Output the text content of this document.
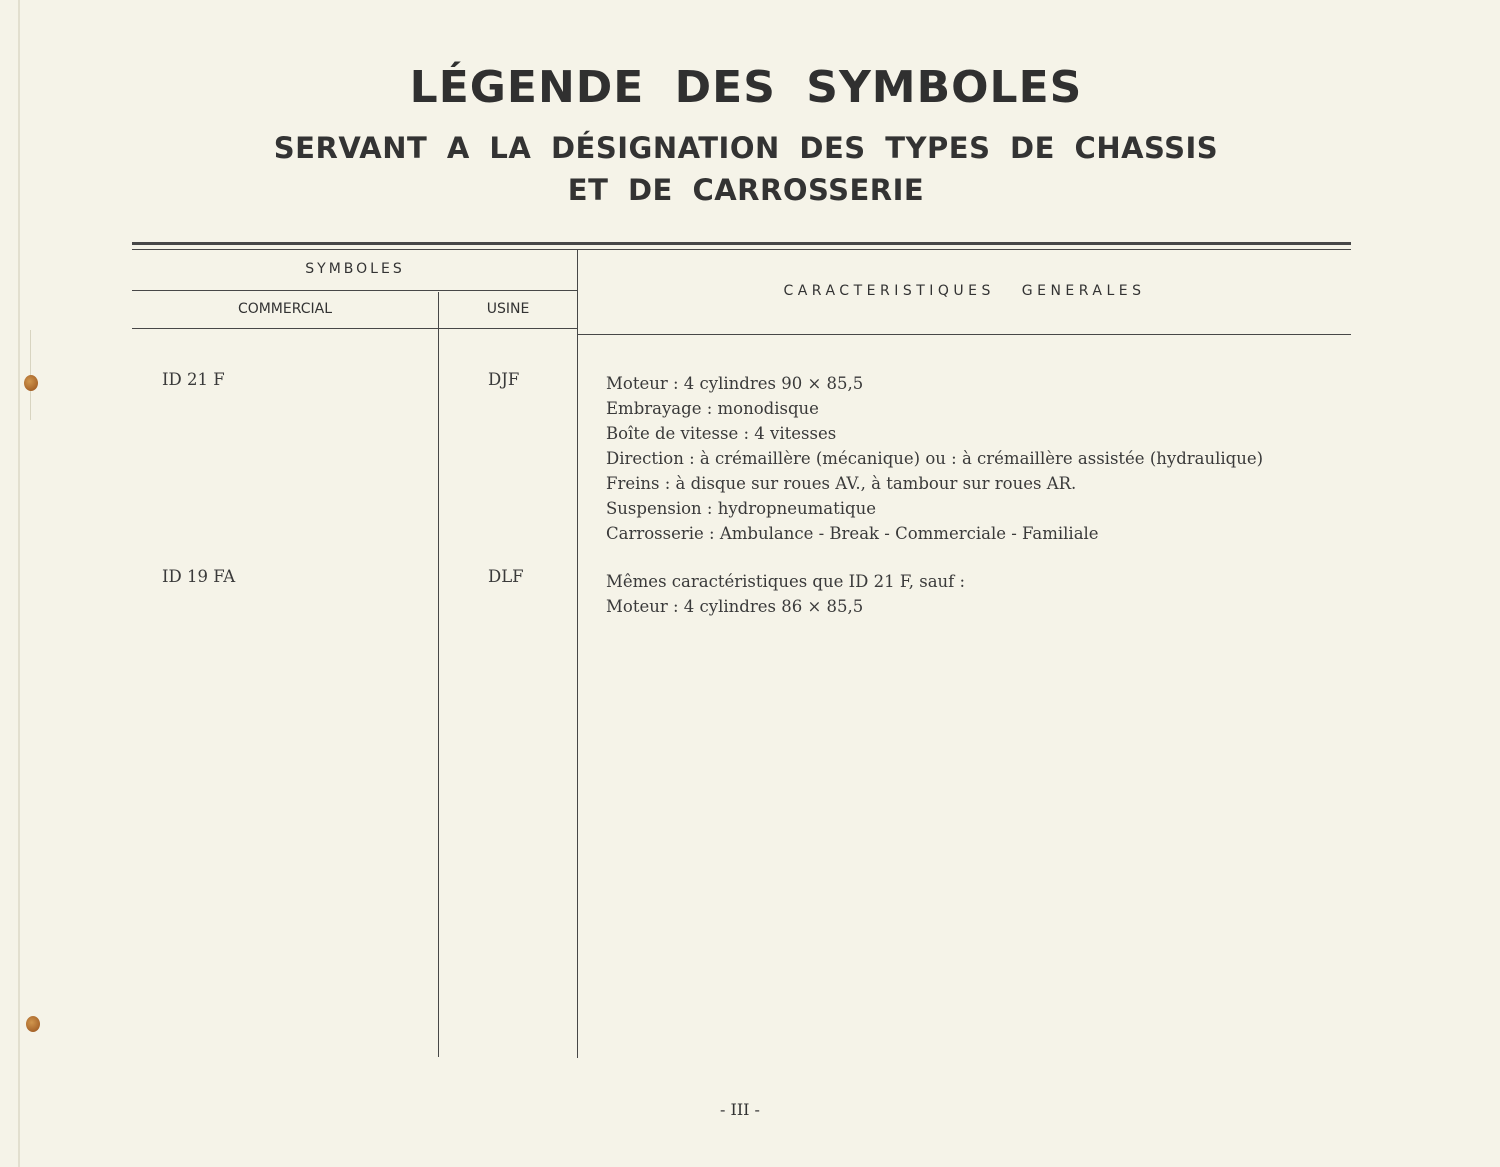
LÉGENDE DES SYMBOLES
SERVANT A LA DÉSIGNATION DES TYPES DE CHASSIS
ET DE CARROSSERIE
SYMBOLES
COMMERCIAL	USINE
CARACTERISTIQUES   GENERALES
ID 21 F	DJF	Moteur : 4 cylindres 90 × 85,5
Embrayage : monodisque
Boîte de vitesse : 4 vitesses
Direction : à crémaillère (mécanique) ou : à crémaillère assistée (hydraulique)
Freins : à disque sur roues AV., à tambour sur roues AR.
Suspension : hydropneumatique
Carrosserie : Ambulance - Break - Commerciale - Familiale
ID 19 FA	DLF	Mêmes caractéristiques que ID 21 F, sauf :
Moteur : 4 cylindres 86 × 85,5
- III -
